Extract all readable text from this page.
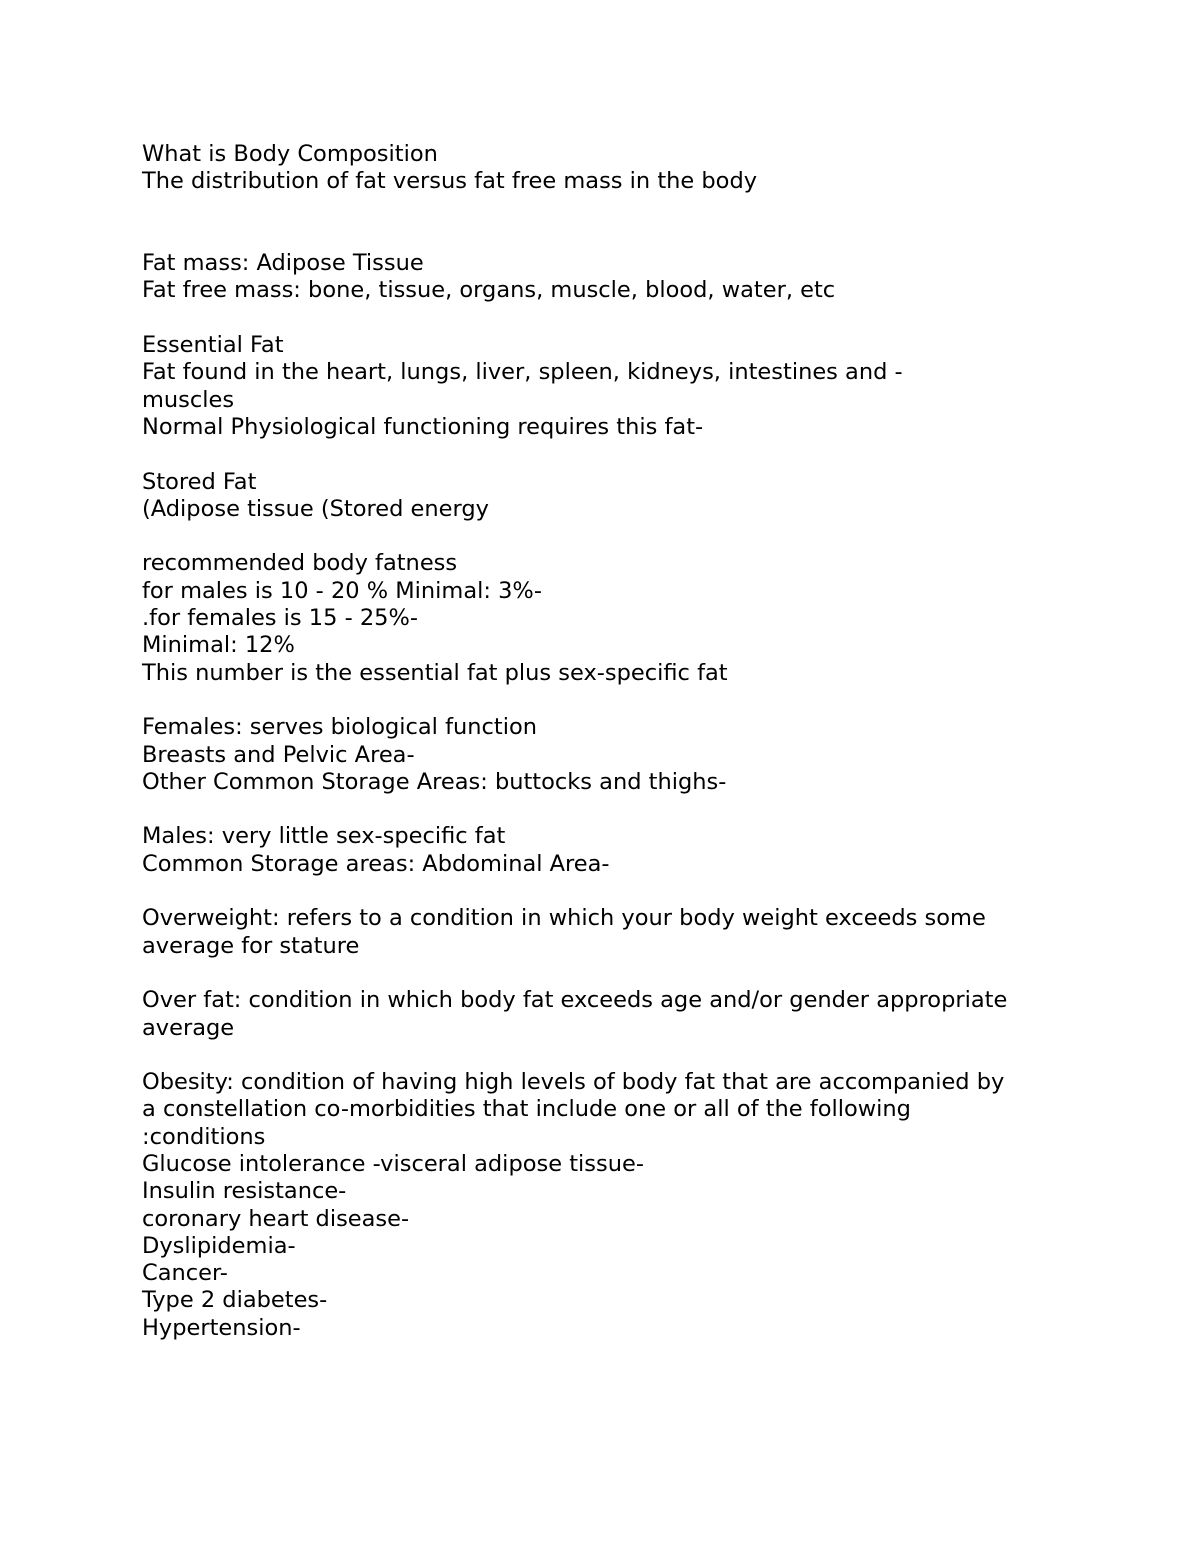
What is Body Composition
The distribution of fat versus fat free mass in the body
Fat mass: Adipose Tissue
Fat free mass: bone, tissue, organs, muscle, blood, water, etc
Essential Fat
Fat found in the heart, lungs, liver, spleen, kidneys, intestines and -
muscles
Normal Physiological functioning requires this fat-
Stored Fat
(Adipose tissue (Stored energy
recommended body fatness
for males is 10 - 20 % Minimal: 3%-
.for females is 15 - 25%-
Minimal: 12%
This number is the essential fat plus sex-specific fat
Females: serves biological function
Breasts and Pelvic Area-
Other Common Storage Areas: buttocks and thighs-
Males: very little sex-specific fat
Common Storage areas: Abdominal Area-
Overweight: refers to a condition in which your body weight exceeds some
average for stature
Over fat: condition in which body fat exceeds age and/or gender appropriate
average
Obesity: condition of having high levels of body fat that are accompanied by
a constellation co-morbidities that include one or all of the following
:conditions
Glucose intolerance -visceral adipose tissue-
Insulin resistance-
coronary heart disease-
Dyslipidemia-
Cancer-
Type 2 diabetes-
Hypertension-
